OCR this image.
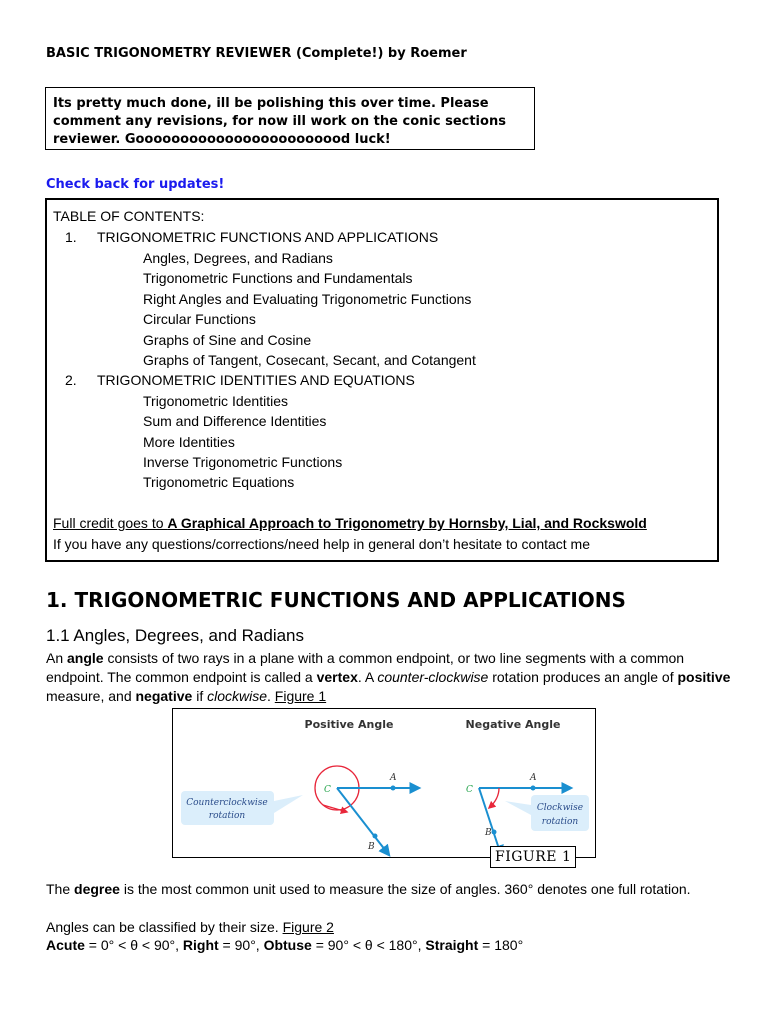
BASIC TRIGONOMETRY REVIEWER (Complete!) by Roemer
Its pretty much done, ill be polishing this over time. Please comment any revisions, for now ill work on the conic sections reviewer. Goooooooooooooooooooooood luck!
Check back for updates!
TABLE OF CONTENTS:
1. TRIGONOMETRIC FUNCTIONS AND APPLICATIONS
Angles, Degrees, and Radians
Trigonometric Functions and Fundamentals
Right Angles and Evaluating Trigonometric Functions
Circular Functions
Graphs of Sine and Cosine
Graphs of Tangent, Cosecant, Secant, and Cotangent
2. TRIGONOMETRIC IDENTITIES AND EQUATIONS
Trigonometric Identities
Sum and Difference Identities
More Identities
Inverse Trigonometric Functions
Trigonometric Equations
Full credit goes to A Graphical Approach to Trigonometry by Hornsby, Lial, and Rockswold
If you have any questions/corrections/need help in general don’t hesitate to contact me
1. TRIGONOMETRIC FUNCTIONS AND APPLICATIONS
1.1 Angles, Degrees, and Radians
An angle consists of two rays in a plane with a common endpoint, or two line segments with a common endpoint. The common endpoint is called a vertex. A counter-clockwise rotation produces an angle of positive measure, and negative if clockwise. Figure 1
Positive Angle	Negative Angle
C
A
B
Counterclockwise
rotation
C
A
B
Clockwise
rotation
FIGURE 1
The degree is the most common unit used to measure the size of angles. 360° denotes one full rotation.
Angles can be classified by their size. Figure 2
Acute = 0° < θ < 90°, Right = 90°, Obtuse = 90° < θ < 180°, Straight = 180°
